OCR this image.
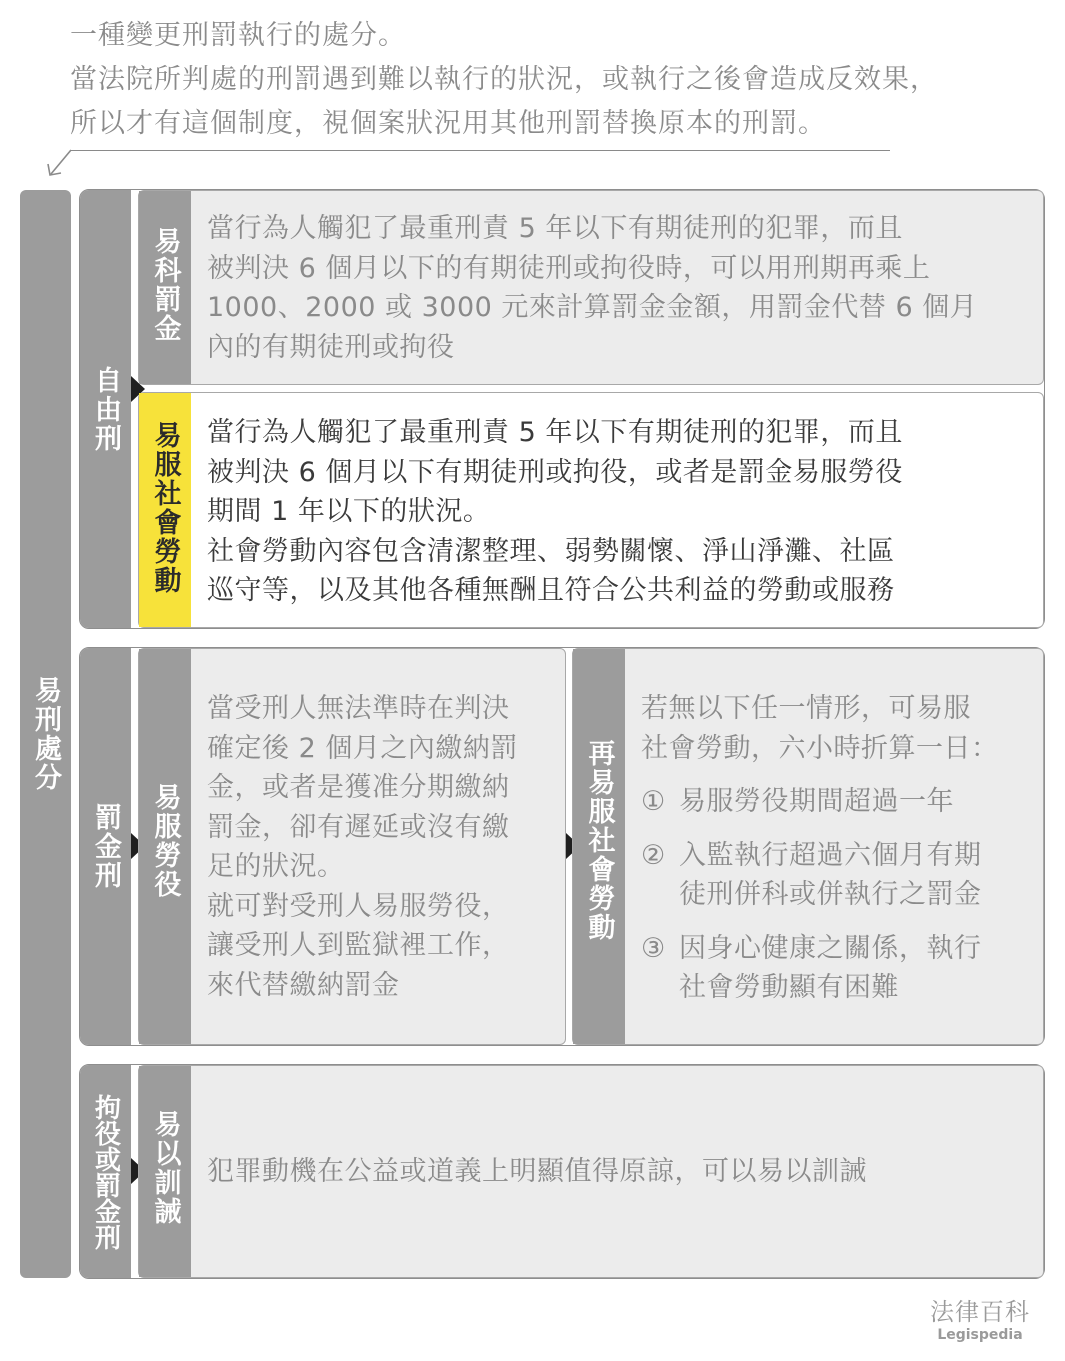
一種變更刑罰執行的處分。
當法院所判處的刑罰遇到難以執行的狀況，或執行之後會造成反效果，
所以才有這個制度，視個案狀況用其他刑罰替換原本的刑罰。
易刑處分
自由刑
易科罰金 當行為人觸犯了最重刑責 5 年以下有期徒刑的犯罪，而且
被判決 6 個月以下的有期徒刑或拘役時，可以用刑期再乘上
1000、2000 或 3000 元來計算罰金金額，用罰金代替 6 個月
內的有期徒刑或拘役
易服社會勞動 當行為人觸犯了最重刑責 5 年以下有期徒刑的犯罪，而且
被判決 6 個月以下有期徒刑或拘役，或者是罰金易服勞役
期間 1 年以下的狀況。
社會勞動內容包含清潔整理、弱勢關懷、淨山淨灘、社區
巡守等，以及其他各種無酬且符合公共利益的勞動或服務
罰金刑 易服勞役
當受刑人無法準時在判決
確定後 2 個月之內繳納罰
金，或者是獲准分期繳納
罰金，卻有遲延或沒有繳
足的狀況。
就可對受刑人易服勞役，
讓受刑人到監獄裡工作，
來代替繳納罰金
再易服社會勞動
若無以下任一情形，可易服
社會勞動，六小時折算一日：
① 易服勞役期間超過一年
② 入監執行超過六個月有期
徒刑併科或併執行之罰金
③ 因身心健康之關係，執行
社會勞動顯有困難
拘役或罰金刑 易以訓誡 犯罪動機在公益或道義上明顯值得原諒，可以易以訓誡
法律百科
Legispedia
